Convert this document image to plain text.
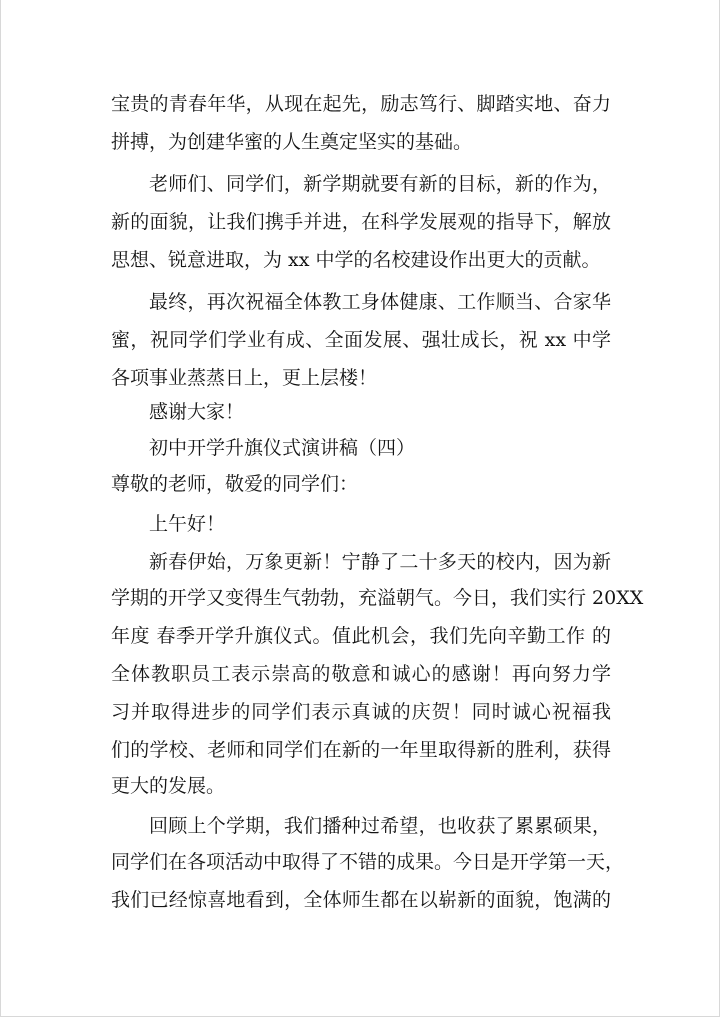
宝贵的青春年华，从现在起先，励志笃行、脚踏实地、奋力
拼搏，为创建华蜜的人生奠定坚实的基础。
老师们、同学们，新学期就要有新的目标，新的作为，
新的面貌，让我们携手并进，在科学发展观的指导下，解放
思想、锐意进取，为 xx 中学的名校建设作出更大的贡献。
最终，再次祝福全体教工身体健康、工作顺当、合家华
蜜，祝同学们学业有成、全面发展、强壮成长，祝 xx 中学
各项事业蒸蒸日上，更上层楼！
感谢大家！
初中开学升旗仪式演讲稿（四）
尊敬的老师，敬爱的同学们：
上午好！
新春伊始，万象更新！宁静了二十多天的校内，因为新
学期的开学又变得生气勃勃，充溢朝气。今日，我们实行 20XX
年度 春季开学升旗仪式。值此机会，我们先向辛勤工作 的
全体教职员工表示崇高的敬意和诚心的感谢！再向努力学
习并取得进步的同学们表示真诚的庆贺！同时诚心祝福我
们的学校、老师和同学们在新的一年里取得新的胜利，获得
更大的发展。
回顾上个学期，我们播种过希望，也收获了累累硕果，
同学们在各项活动中取得了不错的成果。今日是开学第一天，
我们已经惊喜地看到，全体师生都在以崭新的面貌，饱满的
